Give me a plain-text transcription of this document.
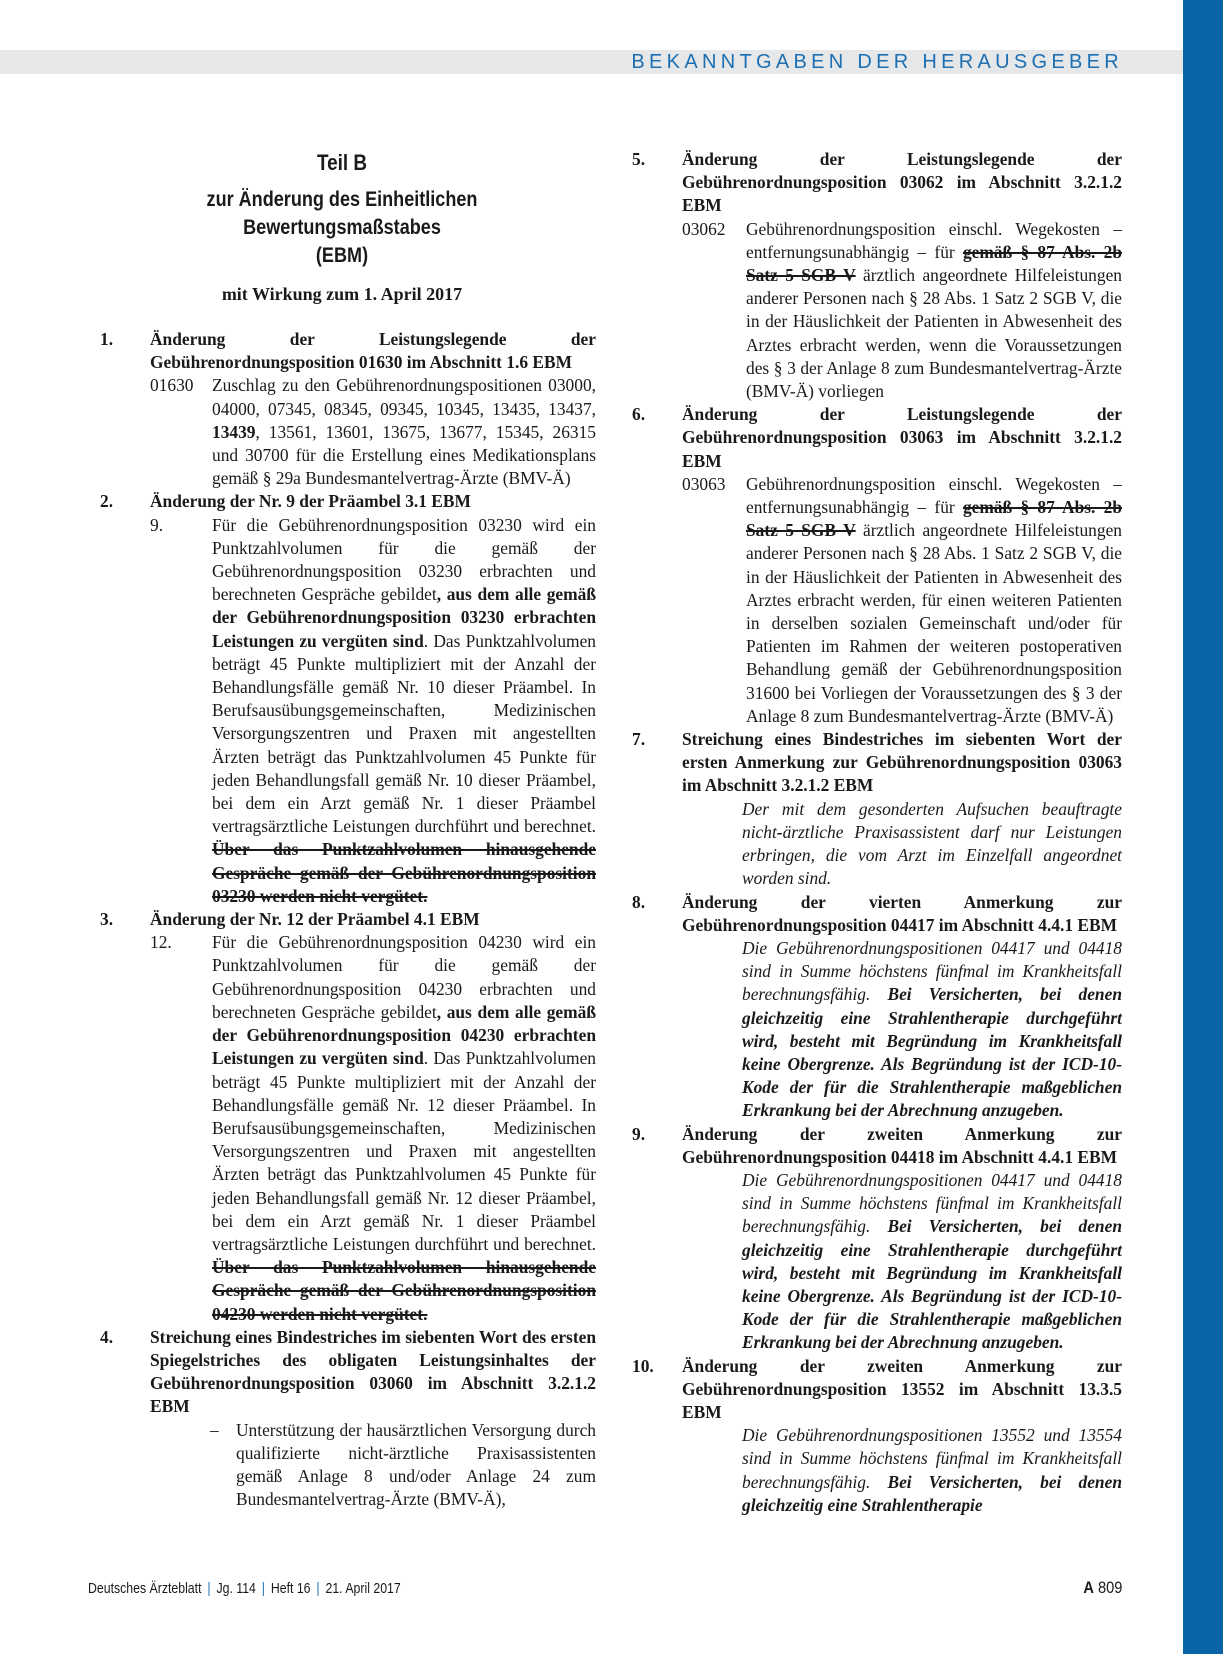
BEKANNTGABEN DER HERAUSGEBER
Teil B
zur Änderung des Einheitlichen Bewertungsmaßstabes
(EBM)
mit Wirkung zum 1. April 2017
1. Änderung der Leistungslegende der Gebührenordnungsposition 01630 im Abschnitt 1.6 EBM
01630	Zuschlag zu den Gebührenordnungspositionen 03000, 04000, 07345, 08345, 09345, 10345, 13435, 13437, 13439, 13561, 13601, 13675, 13677, 15345, 26315 und 30700 für die Erstellung eines Medikationsplans gemäß § 29a Bundesmantelvertrag-Ärzte (BMV-Ä)
2. Änderung der Nr. 9 der Präambel 3.1 EBM
9.	Für die Gebührenordnungsposition 03230 wird ein Punktzahlvolumen für die gemäß der Gebührenordnungsposition 03230 erbrachten und berechneten Gespräche gebildet, aus dem alle gemäß der Gebührenordnungsposition 03230 erbrachten Leistungen zu vergüten sind. Das Punktzahlvolumen beträgt 45 Punkte multipliziert mit der Anzahl der Behandlungsfälle gemäß Nr. 10 dieser Präambel. In Berufsausübungsgemeinschaften, Medizinischen Versorgungszentren und Praxen mit angestellten Ärzten beträgt das Punktzahlvolumen 45 Punkte für jeden Behandlungsfall gemäß Nr. 10 dieser Präambel, bei dem ein Arzt gemäß Nr. 1 dieser Präambel vertragsärztliche Leistungen durchführt und berechnet. Über das Punktzahlvolumen hinausgehende Gespräche gemäß der Gebührenordnungsposition 03230 werden nicht vergütet.
3. Änderung der Nr. 12 der Präambel 4.1 EBM
12.	Für die Gebührenordnungsposition 04230 wird ein Punktzahlvolumen für die gemäß der Gebührenordnungsposition 04230 erbrachten und berechneten Gespräche gebildet, aus dem alle gemäß der Gebührenordnungsposition 04230 erbrachten Leistungen zu vergüten sind. Das Punktzahlvolumen beträgt 45 Punkte multipliziert mit der Anzahl der Behandlungsfälle gemäß Nr. 12 dieser Präambel. In Berufsausübungsgemeinschaften, Medizinischen Versorgungszentren und Praxen mit angestellten Ärzten beträgt das Punktzahlvolumen 45 Punkte für jeden Behandlungsfall gemäß Nr. 12 dieser Präambel, bei dem ein Arzt gemäß Nr. 1 dieser Präambel vertragsärztliche Leistungen durchführt und berechnet. Über das Punktzahlvolumen hinausgehende Gespräche gemäß der Gebührenordnungsposition 04230 werden nicht vergütet.
4. Streichung eines Bindestriches im siebenten Wort des ersten Spiegelstriches des obligaten Leistungsinhaltes der Gebührenordnungsposition 03060 im Abschnitt 3.2.1.2 EBM
– Unterstützung der hausärztlichen Versorgung durch qualifizierte nicht-ärztliche Praxisassistenten gemäß Anlage 8 und/oder Anlage 24 zum Bundesmantelvertrag-Ärzte (BMV-Ä),
5. Änderung der Leistungslegende der Gebührenordnungsposition 03062 im Abschnitt 3.2.1.2 EBM
03062	Gebührenordnungsposition einschl. Wegekosten – entfernungsunabhängig – für gemäß § 87 Abs. 2b Satz 5 SGB V ärztlich angeordnete Hilfeleistungen anderer Personen nach § 28 Abs. 1 Satz 2 SGB V, die in der Häuslichkeit der Patienten in Abwesenheit des Arztes erbracht werden, wenn die Voraussetzungen des § 3 der Anlage 8 zum Bundesmantelvertrag-Ärzte (BMV-Ä) vorliegen
6. Änderung der Leistungslegende der Gebührenordnungsposition 03063 im Abschnitt 3.2.1.2 EBM
03063	Gebührenordnungsposition einschl. Wegekosten – entfernungsunabhängig – für gemäß § 87 Abs. 2b Satz 5 SGB V ärztlich angeordnete Hilfeleistungen anderer Personen nach § 28 Abs. 1 Satz 2 SGB V, die in der Häuslichkeit der Patienten in Abwesenheit des Arztes erbracht werden, für einen weiteren Patienten in derselben sozialen Gemeinschaft und/oder für Patienten im Rahmen der weiteren postoperativen Behandlung gemäß der Gebührenordnungsposition 31600 bei Vorliegen der Voraussetzungen des § 3 der Anlage 8 zum Bundesmantelvertrag-Ärzte (BMV-Ä)
7. Streichung eines Bindestriches im siebenten Wort der ersten Anmerkung zur Gebührenordnungsposition 03063 im Abschnitt 3.2.1.2 EBM
Der mit dem gesonderten Aufsuchen beauftragte nicht-ärztliche Praxisassistent darf nur Leistungen erbringen, die vom Arzt im Einzelfall angeordnet worden sind.
8. Änderung der vierten Anmerkung zur Gebührenordnungsposition 04417 im Abschnitt 4.4.1 EBM
Die Gebührenordnungspositionen 04417 und 04418 sind in Summe höchstens fünfmal im Krankheitsfall berechnungsfähig. Bei Versicherten, bei denen gleichzeitig eine Strahlentherapie durchgeführt wird, besteht mit Begründung im Krankheitsfall keine Obergrenze. Als Begründung ist der ICD-10-Kode der für die Strahlentherapie maßgeblichen Erkrankung bei der Abrechnung anzugeben.
9. Änderung der zweiten Anmerkung zur Gebührenordnungsposition 04418 im Abschnitt 4.4.1 EBM
Die Gebührenordnungspositionen 04417 und 04418 sind in Summe höchstens fünfmal im Krankheitsfall berechnungsfähig. Bei Versicherten, bei denen gleichzeitig eine Strahlentherapie durchgeführt wird, besteht mit Begründung im Krankheitsfall keine Obergrenze. Als Begründung ist der ICD-10-Kode der für die Strahlentherapie maßgeblichen Erkrankung bei der Abrechnung anzugeben.
10. Änderung der zweiten Anmerkung zur Gebührenordnungsposition 13552 im Abschnitt 13.3.5 EBM
Die Gebührenordnungspositionen 13552 und 13554 sind in Summe höchstens fünfmal im Krankheitsfall berechnungsfähig. Bei Versicherten, bei denen gleichzeitig eine Strahlentherapie
Deutsches Ärzteblatt | Jg. 114 | Heft 16 | 21. April 2017	A 809
